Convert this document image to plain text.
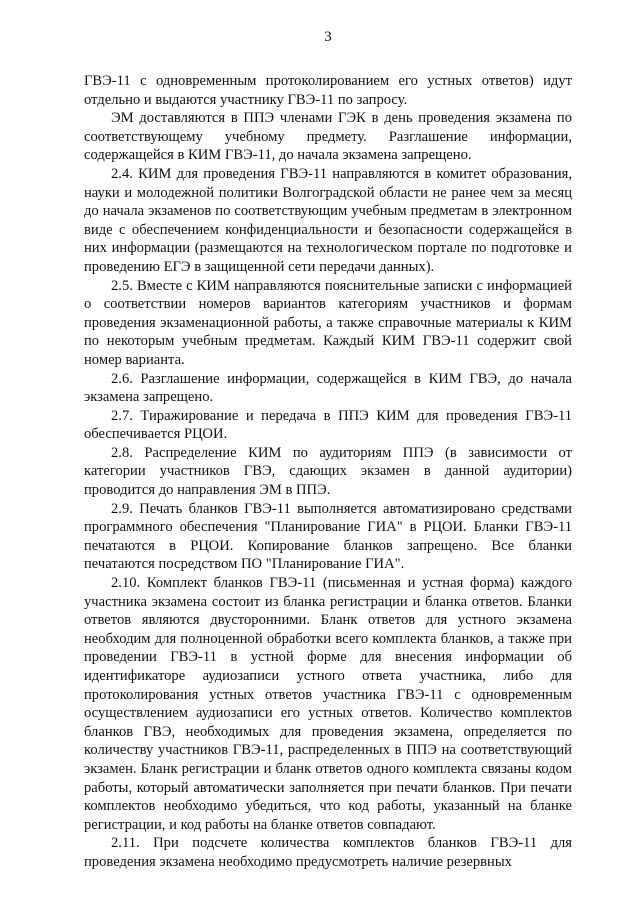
3

ГВЭ-11 с одновременным протоколированием его устных ответов) идут отдельно и выдаются участнику ГВЭ-11 по запросу.

ЭМ доставляются в ППЭ членами ГЭК в день проведения экзамена по соответствующему учебному предмету. Разглашение информации, содержащейся в КИМ ГВЭ-11, до начала экзамена запрещено.

2.4. КИМ для проведения ГВЭ-11 направляются в комитет образования, науки и молодежной политики Волгоградской области не ранее чем за месяц до начала экзаменов по соответствующим учебным предметам в электронном виде с обеспечением конфиденциальности и безопасности содержащейся в них информации (размещаются на технологическом портале по подготовке и проведению ЕГЭ в защищенной сети передачи данных).

2.5. Вместе с КИМ направляются пояснительные записки с информацией о соответствии номеров вариантов категориям участников и формам проведения экзаменационной работы, а также справочные материалы к КИМ по некоторым учебным предметам. Каждый КИМ ГВЭ-11 содержит свой номер варианта.

2.6. Разглашение информации, содержащейся в КИМ ГВЭ, до начала экзамена запрещено.

2.7. Тиражирование и передача в ППЭ КИМ для проведения ГВЭ-11 обеспечивается РЦОИ.

2.8. Распределение КИМ по аудиториям ППЭ (в зависимости от категории участников ГВЭ, сдающих экзамен в данной аудитории) проводится до направления ЭМ в ППЭ.

2.9. Печать бланков ГВЭ-11 выполняется автоматизировано средствами программного обеспечения "Планирование ГИА" в РЦОИ. Бланки ГВЭ-11 печатаются в РЦОИ. Копирование бланков запрещено. Все бланки печатаются посредством ПО "Планирование ГИА".

2.10. Комплект бланков ГВЭ-11 (письменная и устная форма) каждого участника экзамена состоит из бланка регистрации и бланка ответов. Бланки ответов являются двусторонними. Бланк ответов для устного экзамена необходим для полноценной обработки всего комплекта бланков, а также при проведении ГВЭ-11 в устной форме для внесения информации об идентификаторе аудиозаписи устного ответа участника, либо для протоколирования устных ответов участника ГВЭ-11 с одновременным осуществлением аудиозаписи его устных ответов. Количество комплектов бланков ГВЭ, необходимых для проведения экзамена, определяется по количеству участников ГВЭ-11, распределенных в ППЭ на соответствующий экзамен. Бланк регистрации и бланк ответов одного комплекта связаны кодом работы, который автоматически заполняется при печати бланков. При печати комплектов необходимо убедиться, что код работы, указанный на бланке регистрации, и код работы на бланке ответов совпадают.

2.11. При подсчете количества комплектов бланков ГВЭ-11 для проведения экзамена необходимо предусмотреть наличие резервных
